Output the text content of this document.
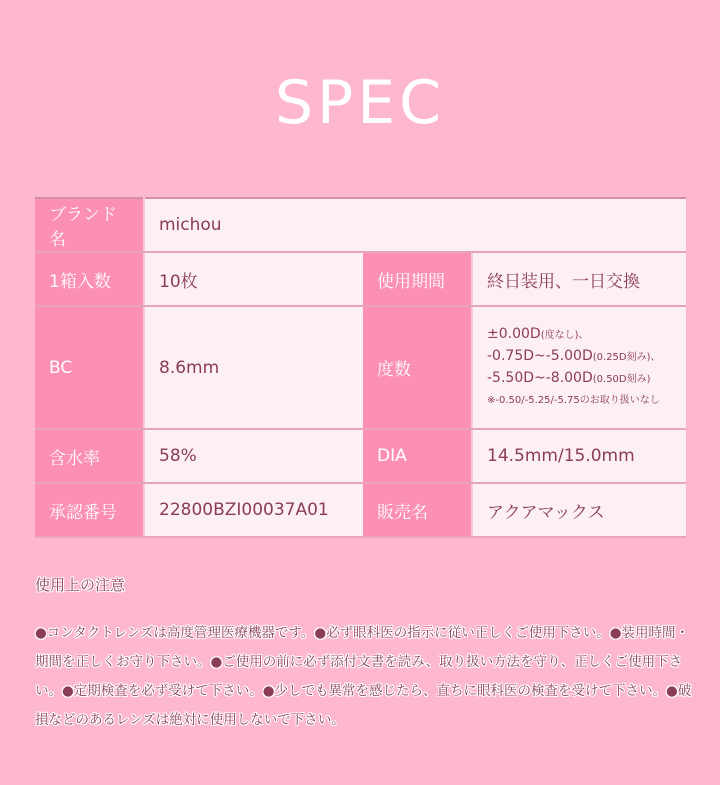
SPEC
ブランド名	michou		
1箱入数	10枚	使用期間	終日装用、一日交換
BC	8.6mm	度数	±0.00D(度なし)、
-0.75D~-5.00D(0.25D刻み)、
-5.50D~-8.00D(0.50D刻み)
※-0.50/-5.25/-5.75のお取り扱いなし

含水率	58%	DIA	14.5mm/15.0mm
承認番号	22800BZI00037A01	販売名	アクアマックス
使用上の注意

●コンタクトレンズは高度管理医療機器です。●必ず眼科医の指示に従い正しくご使用下さい。●装用時間・期間を正しくお守り下さい。●ご使用の前に必ず添付文書を読み、取り扱い方法を守り、正しくご使用下さい。●定期検査を必ず受けて下さい。●少しでも異常を感じたら、直ちに眼科医の検査を受けて下さい。●破損などのあるレンズは絶対に使用しないで下さい。
